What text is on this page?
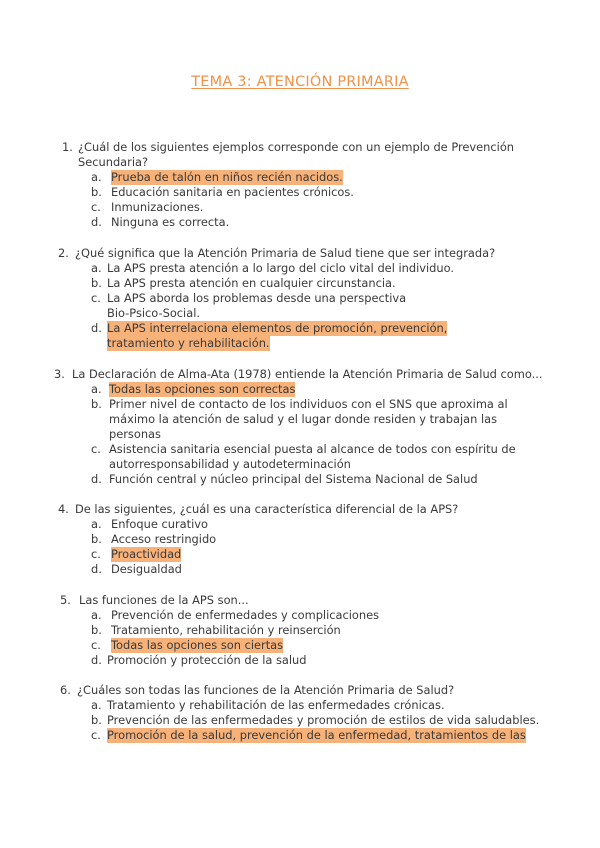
TEMA 3: ATENCIÓN PRIMARIA
1. ¿Cuál de los siguientes ejemplos corresponde con un ejemplo de Prevención
Secundaria?
a. Prueba de talón en niños recién nacidos.
b. Educación sanitaria en pacientes crónicos.
c. Inmunizaciones.
d. Ninguna es correcta.
2. ¿Qué significa que la Atención Primaria de Salud tiene que ser integrada?
a. La APS presta atención a lo largo del ciclo vital del individuo.
b. La APS presta atención en cualquier circunstancia.
c. La APS aborda los problemas desde una perspectiva
Bio-Psico-Social.
d. La APS interrelaciona elementos de promoción, prevención,
tratamiento y rehabilitación.
3. La Declaración de Alma-Ata (1978) entiende la Atención Primaria de Salud como...
a. Todas las opciones son correctas
b. Primer nivel de contacto de los individuos con el SNS que aproxima al
máximo la atención de salud y el lugar donde residen y trabajan las
personas
c. Asistencia sanitaria esencial puesta al alcance de todos con espíritu de
autorresponsabilidad y autodeterminación
d. Función central y núcleo principal del Sistema Nacional de Salud
4. De las siguientes, ¿cuál es una característica diferencial de la APS?
a. Enfoque curativo
b. Acceso restringido
c. Proactividad
d. Desigualdad
5. Las funciones de la APS son...
a. Prevención de enfermedades y complicaciones
b. Tratamiento, rehabilitación y reinserción
c. Todas las opciones son ciertas
d. Promoción y protección de la salud
6. ¿Cuáles son todas las funciones de la Atención Primaria de Salud?
a. Tratamiento y rehabilitación de las enfermedades crónicas.
b. Prevención de las enfermedades y promoción de estilos de vida saludables.
c. Promoción de la salud, prevención de la enfermedad, tratamientos de las
